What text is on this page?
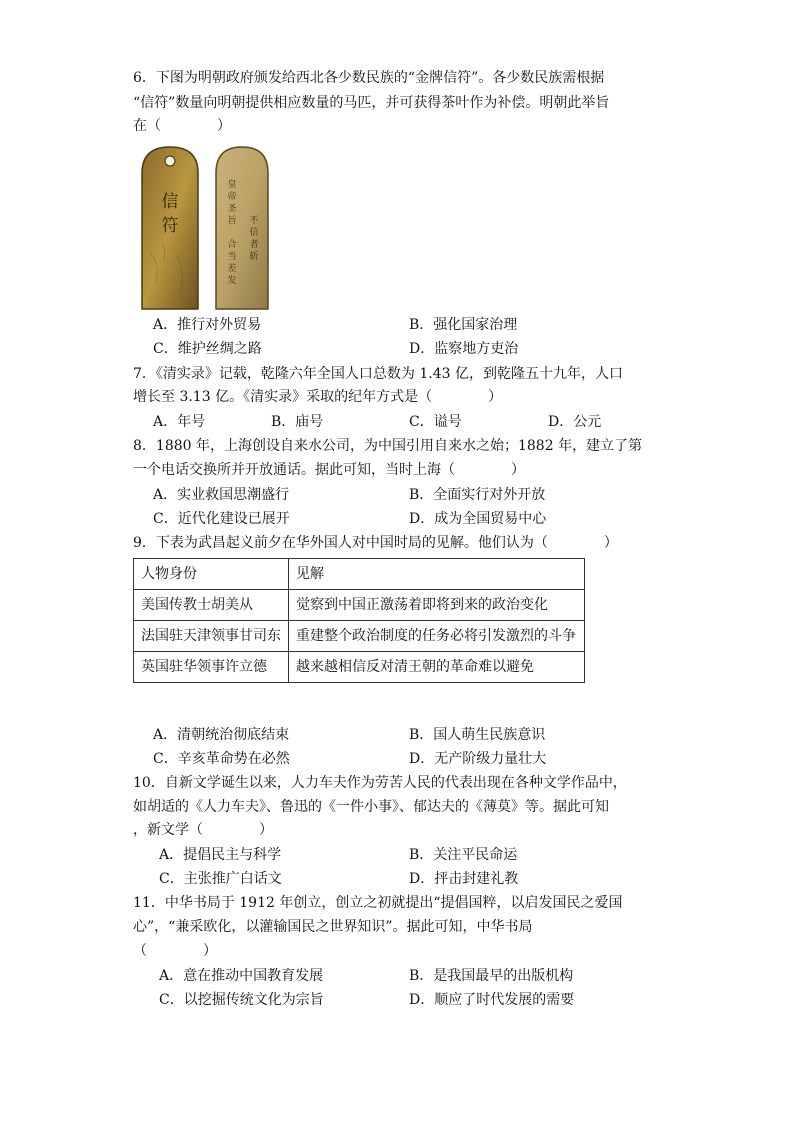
6．下图为明朝政府颁发给西北各少数民族的“金牌信符”。各少数民族需根据
“信符”数量向明朝提供相应数量的马匹，并可获得茶叶作为补偿。明朝此举旨
在（　　　　）
信
符
皇
帝
圣
旨
合
当
差
发
不
信
者
斩
A．推行对外贸易	B．强化国家治理
C．维护丝绸之路	D．监察地方吏治
7．《清实录》记载，乾隆六年全国人口总数为 1.43 亿，到乾隆五十九年，人口
增长至 3.13 亿。《清实录》采取的纪年方式是（　　　　）
A．年号	B．庙号	C．谥号	D．公元
8．1880 年，上海创设自来水公司，为中国引用自来水之始；1882 年，建立了第
一个电话交换所并开放通话。据此可知，当时上海（　　　　）
A．实业救国思潮盛行	B．全面实行对外开放
C．近代化建设已展开	D．成为全国贸易中心
9．下表为武昌起义前夕在华外国人对中国时局的见解。他们认为（　　　　）
人物身份	见解
美国传教士胡美从	觉察到中国正激荡着即将到来的政治变化
法国驻天津领事甘司东	重建整个政治制度的任务必将引发激烈的斗争
英国驻华领事许立德	越来越相信反对清王朝的革命难以避免
A．清朝统治彻底结束	B．国人萌生民族意识
C．辛亥革命势在必然	D．无产阶级力量壮大
10．自新文学诞生以来，人力车夫作为劳苦人民的代表出现在各种文学作品中，
如胡适的《人力车夫》、鲁迅的《一件小事》、郁达夫的《薄莫》等。据此可知
，新文学（　　　　）
A．提倡民主与科学	B．关注平民命运
C．主张推广白话文	D．抨击封建礼教
11．中华书局于 1912 年创立，创立之初就提出“提倡国粹，以启发国民之爱国
心”，“兼采欧化，以灌输国民之世界知识”。据此可知，中华书局
（　　　　）
A．意在推动中国教育发展	B．是我国最早的出版机构
C．以挖掘传统文化为宗旨	D．顺应了时代发展的需要
